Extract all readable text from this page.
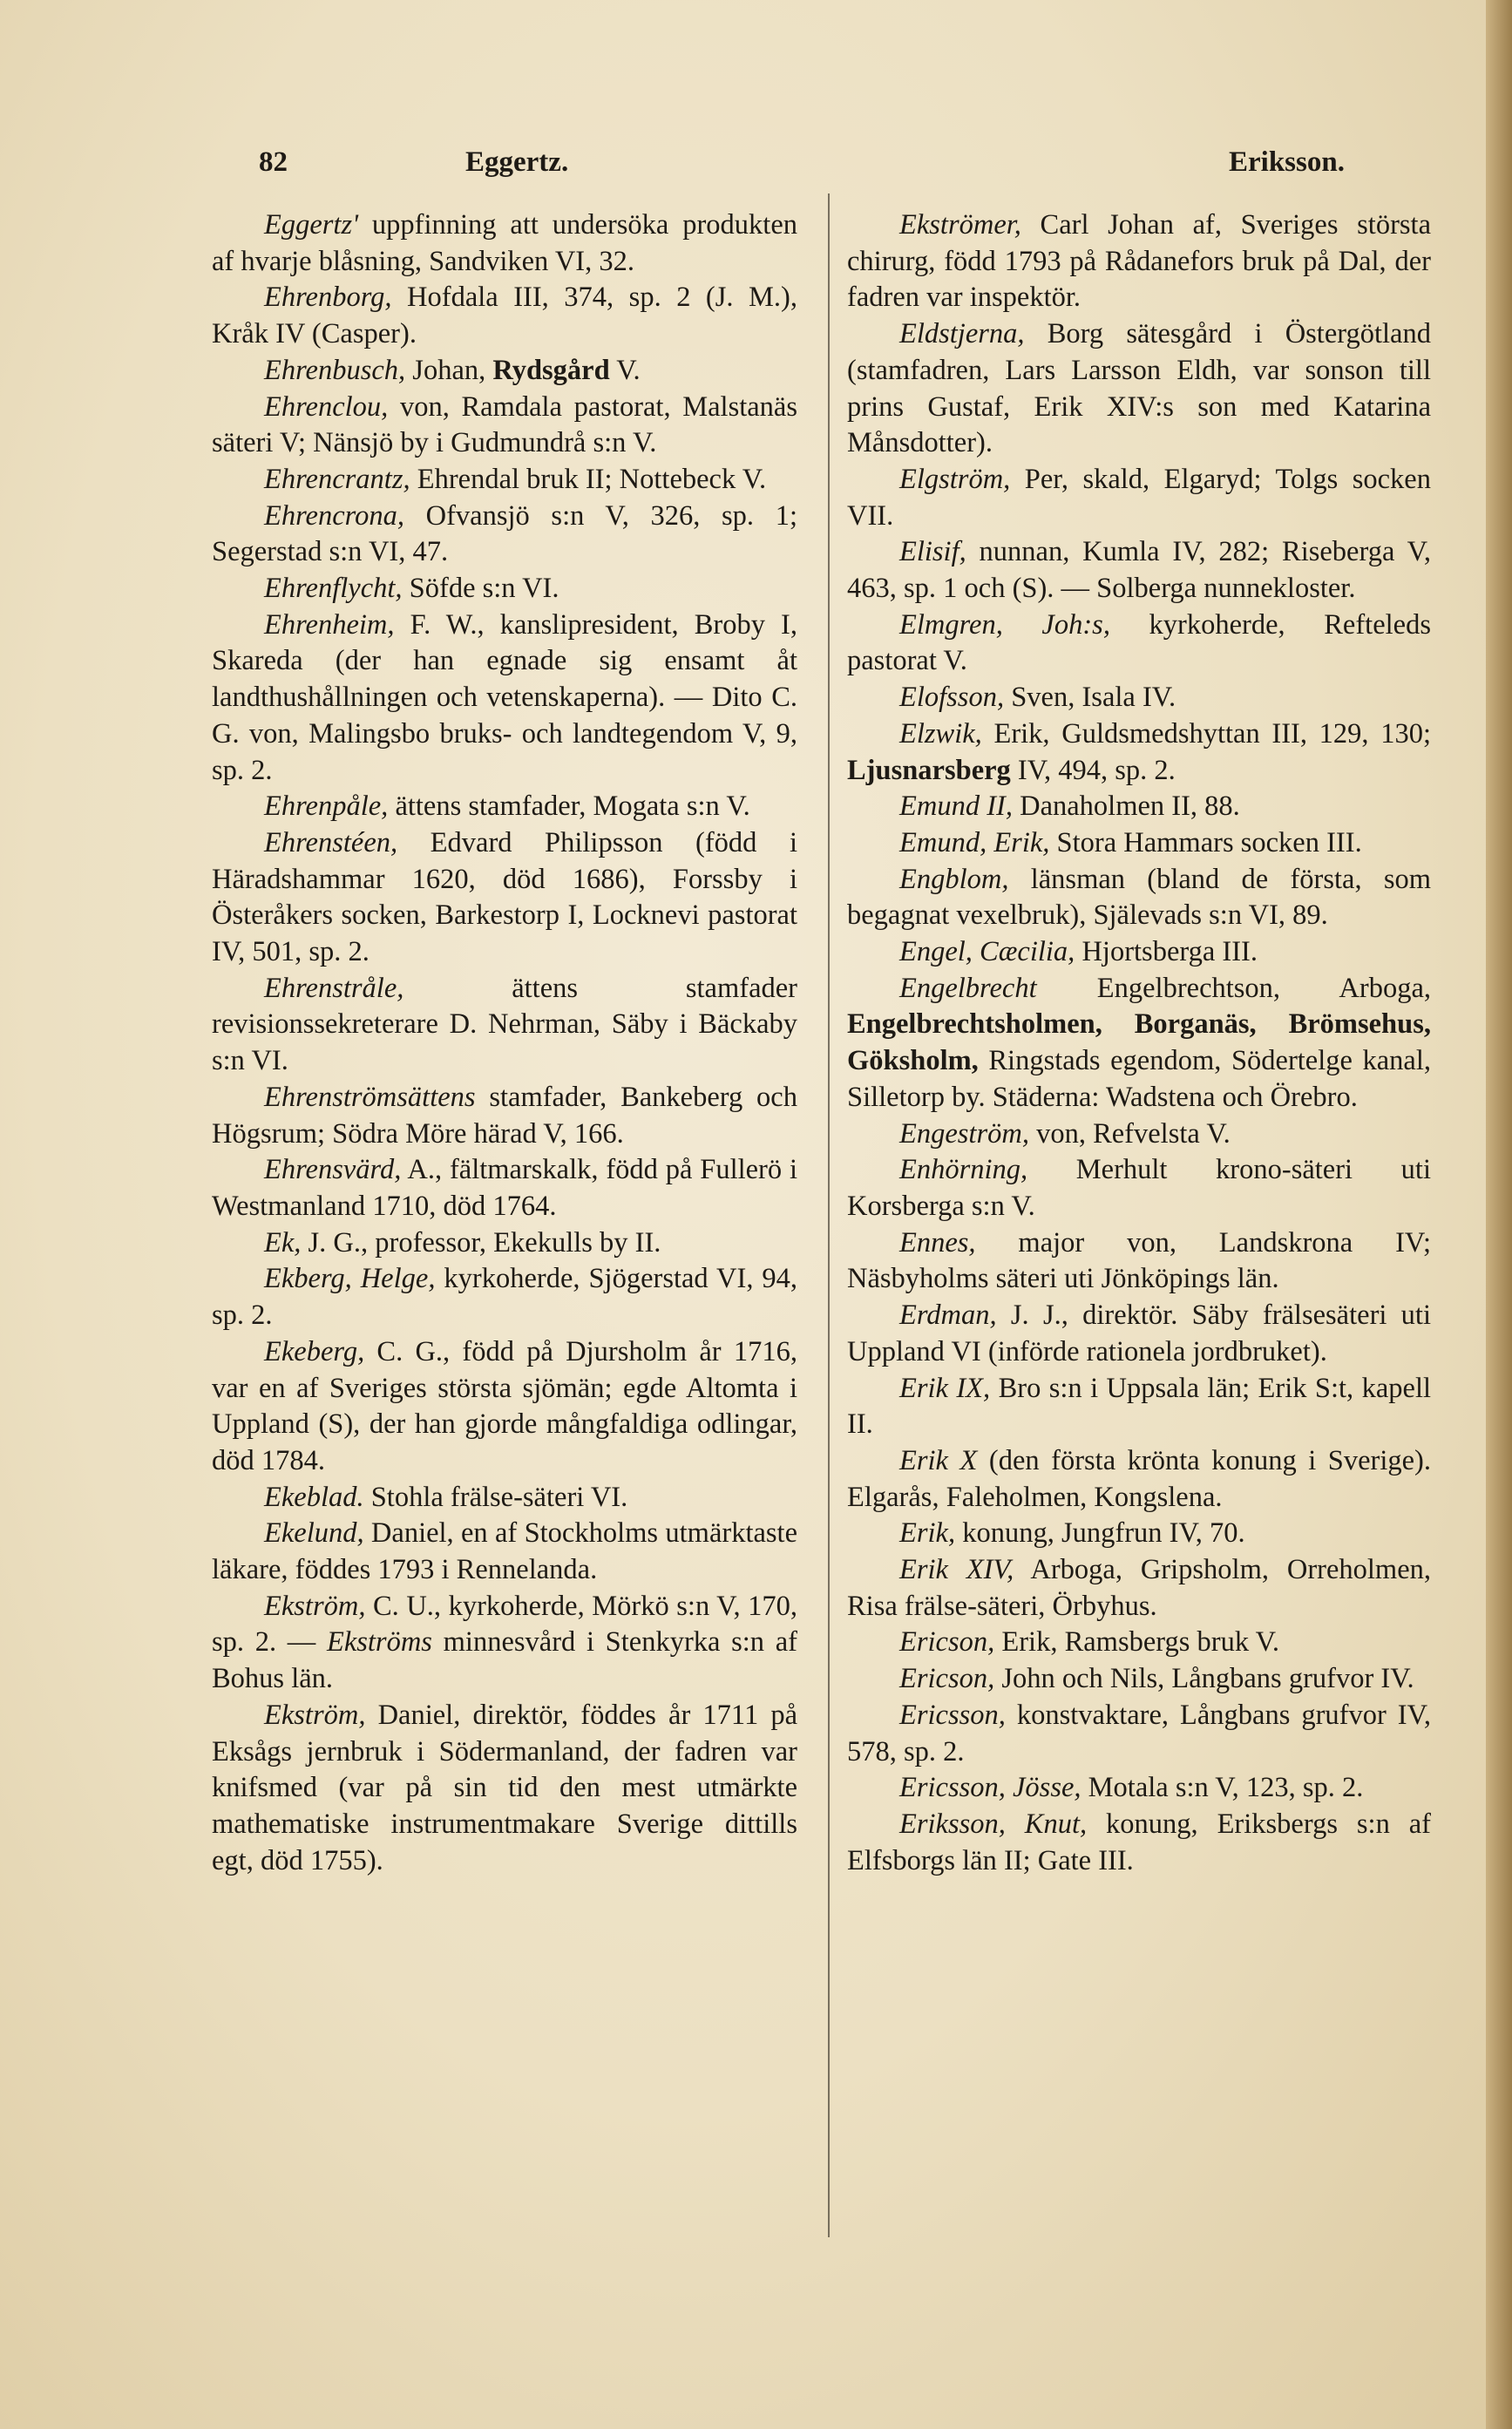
82	Eggertz.	Eriksson.

Eggertz' uppfinning att undersöka produkten af hvarje blåsning, Sandviken VI, 32.

Ehrenborg, Hofdala III, 374, sp. 2 (J. M.), Kråk IV (Casper).

Ehrenbusch, Johan, Rydsgård V.

Ehrenclou, von, Ramdala pastorat, Malstanäs säteri V; Nänsjö by i Gudmundrå s:n V.

Ehrencrantz, Ehrendal bruk II; Nottebeck V.

Ehrencrona, Ofvansjö s:n V, 326, sp. 1; Segerstad s:n VI, 47.

Ehrenflycht, Söfde s:n VI.

Ehrenheim, F. W., kanslipresident, Broby I, Skareda (der han egnade sig ensamt åt landthushållningen och vetenskaperna). — Dito C. G. von, Malingsbo bruks- och landtegendom V, 9, sp. 2.

Ehrenpåle, ättens stamfader, Mogata s:n V.

Ehrenstéen, Edvard Philipsson (född i Häradshammar 1620, död 1686), Forssby i Österåkers socken, Barkestorp I, Locknevi pastorat IV, 501, sp. 2.

Ehrenstråle, ättens stamfader revisionssekreterare D. Nehrman, Säby i Bäckaby s:n VI.

Ehrenströmsättens stamfader, Bankeberg och Högsrum; Södra Möre härad V, 166.

Ehrensvärd, A., fältmarskalk, född på Fullerö i Westmanland 1710, död 1764.

Ek, J. G., professor, Ekekulls by II.

Ekberg, Helge, kyrkoherde, Sjögerstad VI, 94, sp. 2.

Ekeberg, C. G., född på Djursholm år 1716, var en af Sveriges största sjömän; egde Altomta i Uppland (S), der han gjorde mångfaldiga odlingar, död 1784.

Ekeblad. Stohla frälse-säteri VI.

Ekelund, Daniel, en af Stockholms utmärktaste läkare, föddes 1793 i Rennelanda.

Ekström, C. U., kyrkoherde, Mörkö s:n V, 170, sp. 2. — Ekströms minnesvård i Stenkyrka s:n af Bohus län.

Ekström, Daniel, direktör, föddes år 1711 på Eksågs jernbruk i Södermanland, der fadren var knifsmed (var på sin tid den mest utmärkte mathematiske instrumentmakare Sverige dittills egt, död 1755).

Ekströmer, Carl Johan af, Sveriges största chirurg, född 1793 på Rådanefors bruk på Dal, der fadren var inspektör.

Eldstjerna, Borg sätesgård i Östergötland (stamfadren, Lars Larsson Eldh, var sonson till prins Gustaf, Erik XIV:s son med Katarina Månsdotter).

Elgström, Per, skald, Elgaryd; Tolgs socken VII.

Elisif, nunnan, Kumla IV, 282; Riseberga V, 463, sp. 1 och (S). — Solberga nunnekloster.

Elmgren, Joh:s, kyrkoherde, Refteleds pastorat V.

Elofsson, Sven, Isala IV.

Elzwik, Erik, Guldsmedshyttan III, 129, 130; Ljusnarsberg IV, 494, sp. 2.

Emund II, Danaholmen II, 88.

Emund, Erik, Stora Hammars socken III.

Engblom, länsman (bland de första, som begagnat vexelbruk), Själevads s:n VI, 89.

Engel, Cæcilia, Hjortsberga III.

Engelbrecht Engelbrechtson, Arboga, Engelbrechtsholmen, Borganäs, Brömsehus, Göksholm, Ringstads egendom, Södertelge kanal, Silletorp by. Städerna: Wadstena och Örebro.

Engeström, von, Refvelsta V.

Enhörning, Merhult krono-säteri uti Korsberga s:n V.

Ennes, major von, Landskrona IV; Näsbyholms säteri uti Jönköpings län.

Erdman, J. J., direktör. Säby frälsesäteri uti Uppland VI (införde rationela jordbruket).

Erik IX, Bro s:n i Uppsala län; Erik S:t, kapell II.

Erik X (den första krönta konung i Sverige). Elgarås, Faleholmen, Kongslena.

Erik, konung, Jungfrun IV, 70.

Erik XIV, Arboga, Gripsholm, Orreholmen, Risa frälse-säteri, Örbyhus.

Ericson, Erik, Ramsbergs bruk V.

Ericson, John och Nils, Långbans grufvor IV.

Ericsson, konstvaktare, Långbans grufvor IV, 578, sp. 2.

Ericsson, Jösse, Motala s:n V, 123, sp. 2.

Eriksson, Knut, konung, Eriksbergs s:n af Elfsborgs län II; Gate III.
